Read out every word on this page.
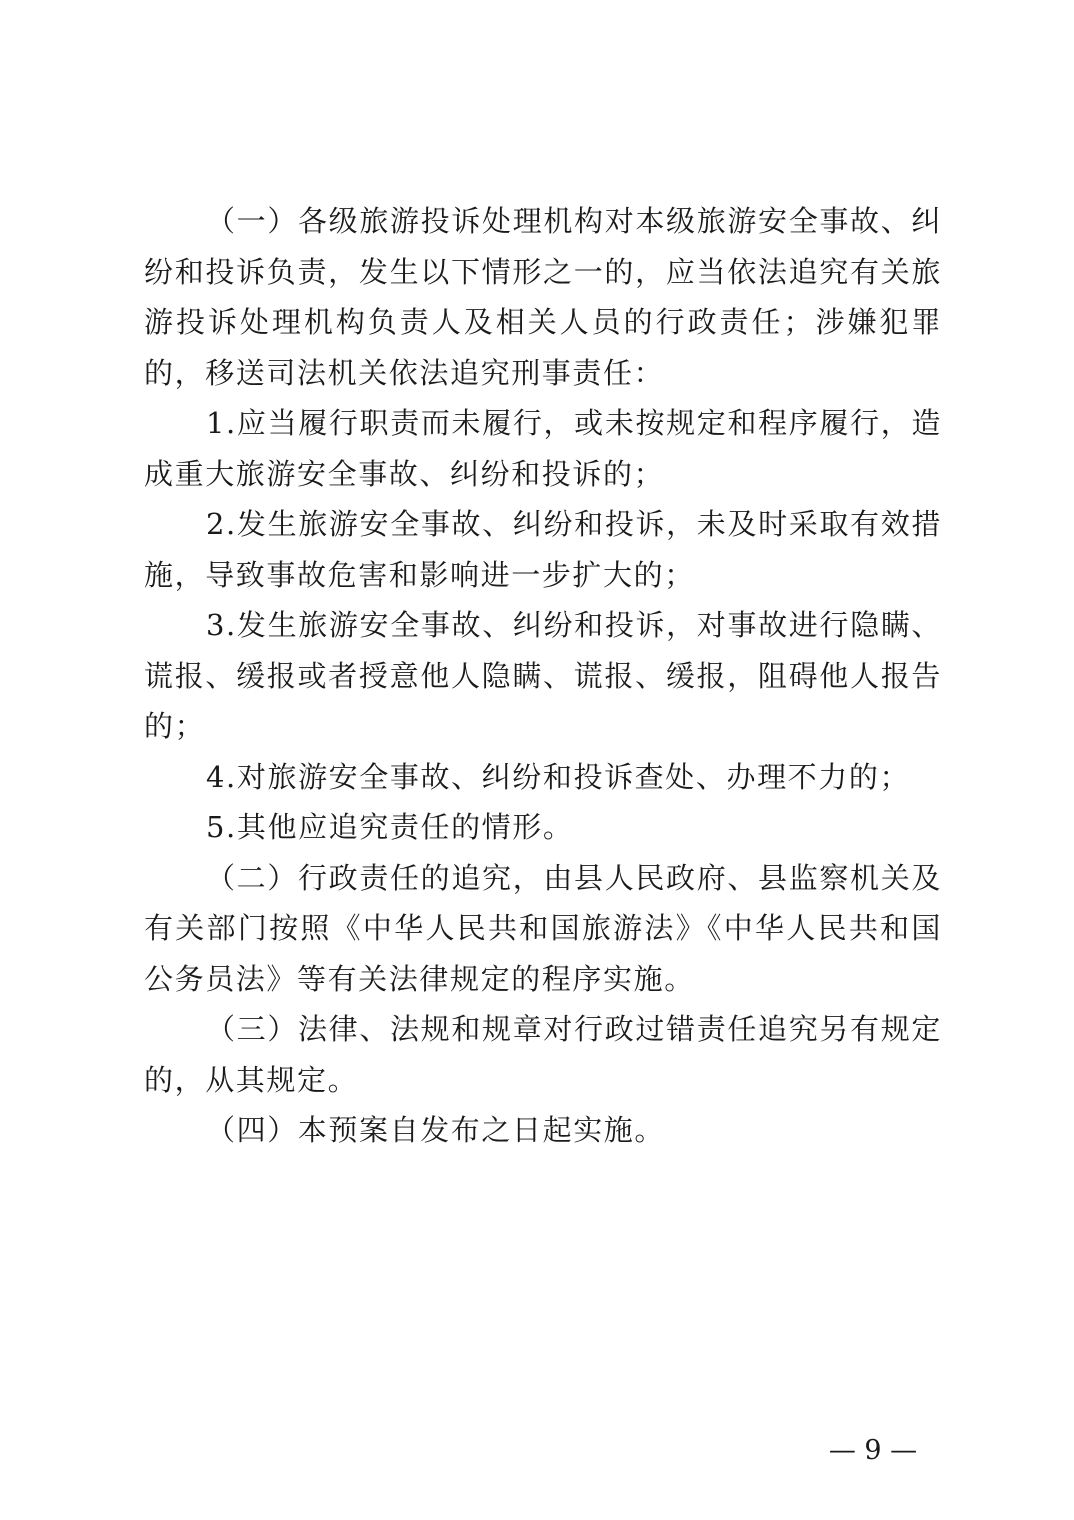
（一）各级旅游投诉处理机构对本级旅游安全事故、纠纷和投诉负责，发生以下情形之一的，应当依法追究有关旅游投诉处理机构负责人及相关人员的行政责任；涉嫌犯罪的，移送司法机关依法追究刑事责任：

1.应当履行职责而未履行，或未按规定和程序履行，造成重大旅游安全事故、纠纷和投诉的；

2.发生旅游安全事故、纠纷和投诉，未及时采取有效措施，导致事故危害和影响进一步扩大的；

3.发生旅游安全事故、纠纷和投诉，对事故进行隐瞒、谎报、缓报或者授意他人隐瞒、谎报、缓报，阻碍他人报告的；

4.对旅游安全事故、纠纷和投诉查处、办理不力的；

5.其他应追究责任的情形。

（二）行政责任的追究，由县人民政府、县监察机关及有关部门按照《中华人民共和国旅游法》《中华人民共和国公务员法》等有关法律规定的程序实施。

（三）法律、法规和规章对行政过错责任追究另有规定的，从其规定。

（四）本预案自发布之日起实施。

— 9 —
